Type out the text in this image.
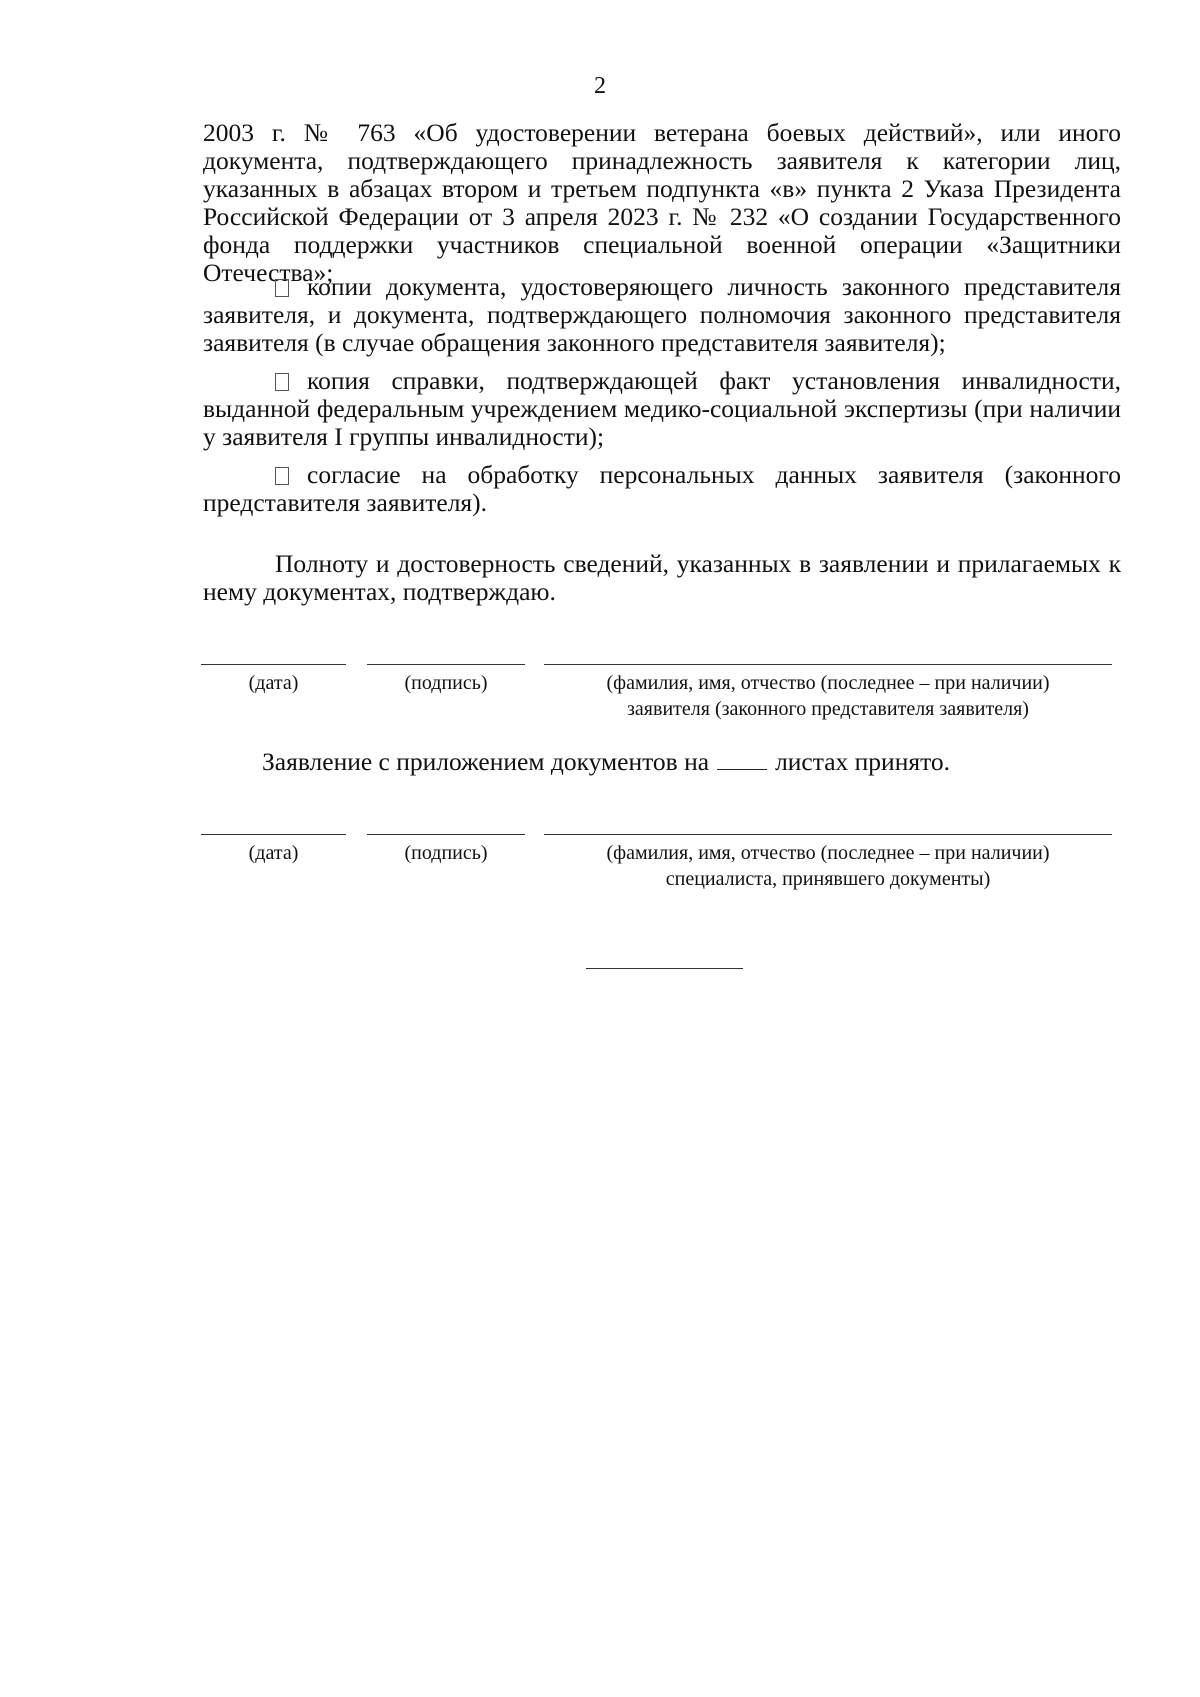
2

2003 г. № 763 «Об удостоверении ветерана боевых действий», или иного документа, подтверждающего принадлежность заявителя к категории лиц, указанных в абзацах втором и третьем подпункта «в» пункта 2 Указа Президента Российской Федерации от 3 апреля 2023 г. № 232 «О создании Государственного фонда поддержки участников специальной военной операции «Защитники Отечества»;

копии документа, удостоверяющего личность законного представителя заявителя, и документа, подтверждающего полномочия законного представителя заявителя (в случае обращения законного представителя заявителя);

копия справки, подтверждающей факт установления инвалидности, выданной федеральным учреждением медико-социальной экспертизы (при наличии у заявителя I группы инвалидности);

согласие на обработку персональных данных заявителя (законного представителя заявителя).

Полноту и достоверность сведений, указанных в заявлении и прилагаемых к нему документах, подтверждаю.

(дата)	(подпись)	(фамилия, имя, отчество (последнее – при наличии)
заявителя (законного представителя заявителя)
Заявление с приложением документов на	листах принято.
(дата)	(подпись)	(фамилия, имя, отчество (последнее – при наличии)
специалиста, принявшего документы)
